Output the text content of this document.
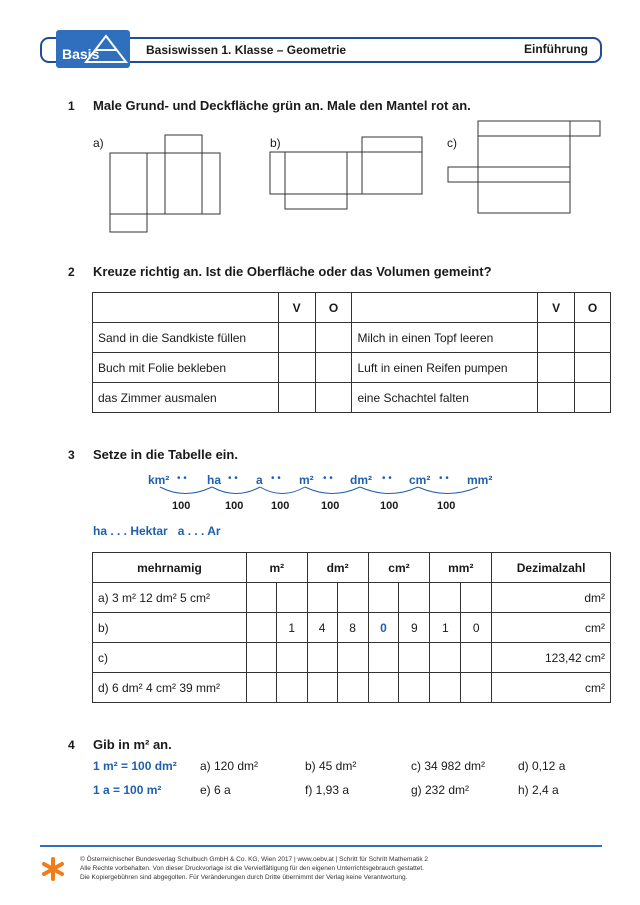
Basis	Basiswissen 1. Klasse – Geometrie	Einführung
1 Male Grund- und Deckfläche grün an. Male den Mantel rot an.
a)	b)	c)
2 Kreuze richtig an. Ist die Oberfläche oder das Volumen gemeint?
	V	O		V	O
Sand in die Sandkiste füllen			Milch in einen Topf leeren		
Buch mit Folie bekleben			Luft in einen Reifen pumpen		
das Zimmer ausmalen			eine Schachtel falten		
3 Setze in die Tabelle ein.
km² • • ha • • a • • m² • • dm² • • cm² • • mm²
100	100	100	100	100	100
ha . . . Hektar   a . . . Ar
mehrnamig	m²		dm²		cm²		mm²		Dezimalzahl
a) 3 m² 12 dm² 5 cm²									dm²
b)		1	4	8	0	9	1	0	cm²
c)									123,42 cm²
d) 6 dm² 4 cm² 39 mm²									cm²
4 Gib in m² an.
1 m² = 100 dm² a) 120 dm²	b) 45 dm²	c) 34 982 dm²	d) 0,12 a
1 a = 100 m²	e) 6 a	f) 1,93 a	g) 232 dm²	h) 2,4 a
© Österreichischer Bundesverlag Schulbuch GmbH & Co. KG, Wien 2017 | www.oebv.at | Schritt für Schritt Mathematik 2
Alle Rechte vorbehalten. Von dieser Druckvorlage ist die Vervielfältigung für den eigenen Unterrichtsgebrauch gestattet.
Die Kopiergebühren sind abgegolten. Für Veränderungen durch Dritte übernimmt der Verlag keine Verantwortung.
